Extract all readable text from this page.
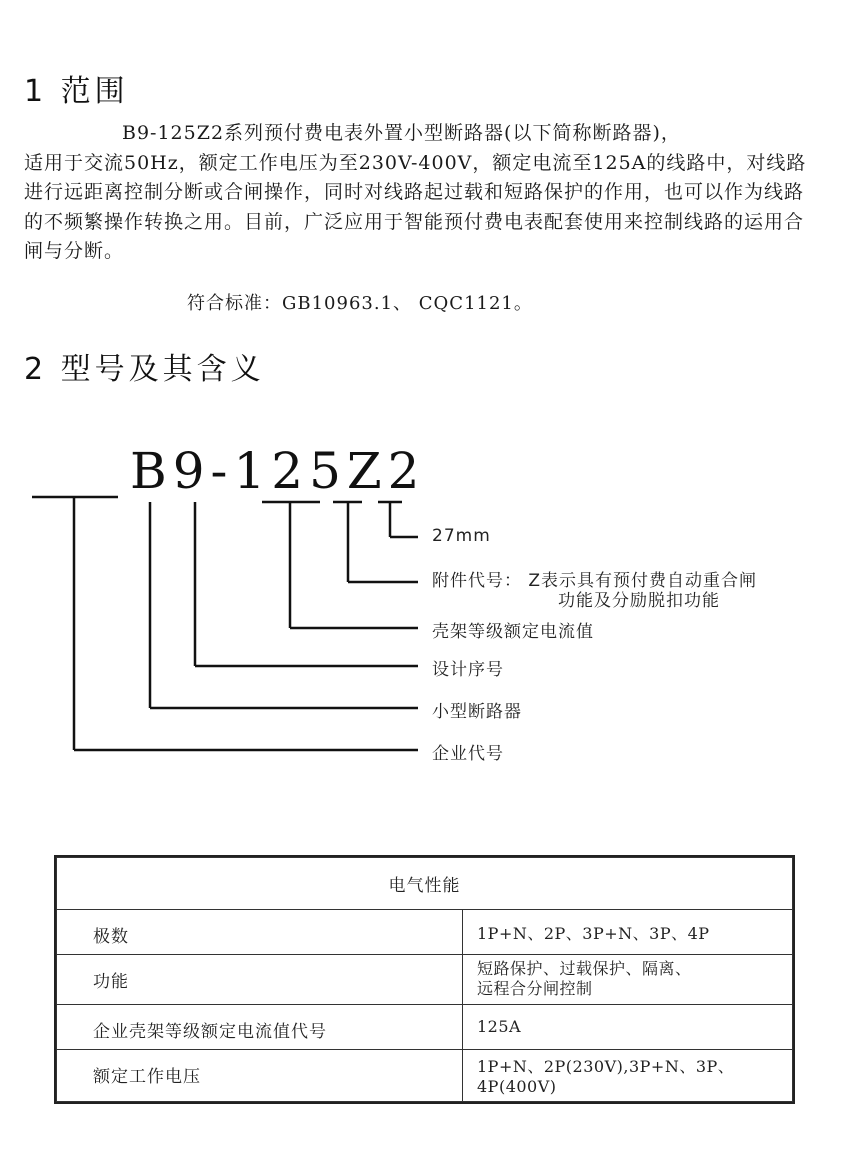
1 范围
B9-125Z2系列预付费电表外置小型断路器(以下简称断路器)，
适用于交流50Hz，额定工作电压为至230V-400V，额定电流至125A的线路中，对线路进行远距离控制分断或合闸操作，同时对线路起过载和短路保护的作用，也可以作为线路的不频繁操作转换之用。目前，广泛应用于智能预付费电表配套使用来控制线路的运用合闸与分断。
符合标准：GB10963.1、 CQC1121。
2 型号及其含义
B9-125Z2
27mm
附件代号： Z表示具有预付费自动重合闸
功能及分励脱扣功能
壳架等级额定电流值
设计序号
小型断路器
企业代号
电气性能	
极数	1P+N、2P、3P+N、3P、4P
功能	短路保护、过载保护、隔离、
远程合分闸控制

企业壳架等级额定电流值代号	125A
额定工作电压	1P+N、2P(230V),3P+N、3P、4P(400V)
